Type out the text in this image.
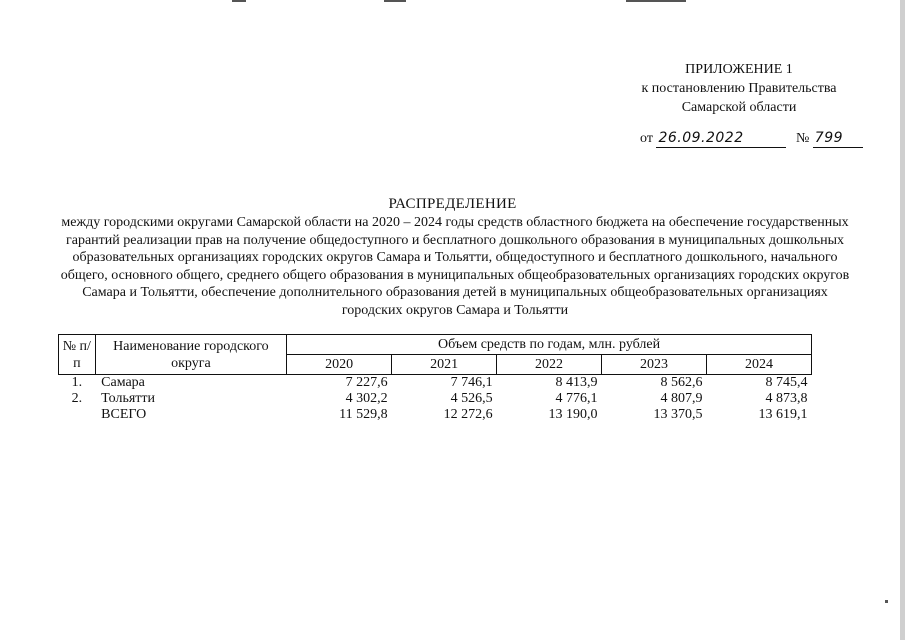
ПРИЛОЖЕНИЕ 1
к постановлению Правительства
Самарской области
от 26.09.2022	№ 799
РАСПРЕДЕЛЕНИЕ
между городскими округами Самарской области на 2020 – 2024 годы средств областного бюджета на обеспечение государственных гарантий реализации прав на получение общедоступного и бесплатного дошкольного образования в муниципальных дошкольных образовательных организациях городских округов Самара и Тольятти, общедоступного и бесплатного дошкольного, начального общего, основного общего, среднего общего образования в муниципальных общеобразовательных организациях городских округов Самара и Тольятти, обеспечение дополнительного образования детей в муниципальных общеобразовательных организациях городских округов Самара и Тольятти
№ п/п	Наименование городского округа	Объем средств по годам, млн. рублей				
		2020	2021	2022	2023	2024
1.	Самара	7 227,6	7 746,1	8 413,9	8 562,6	8 745,4
2.	Тольятти	4 302,2	4 526,5	4 776,1	4 807,9	4 873,8
	ВСЕГО	11 529,8	12 272,6	13 190,0	13 370,5	13 619,1
